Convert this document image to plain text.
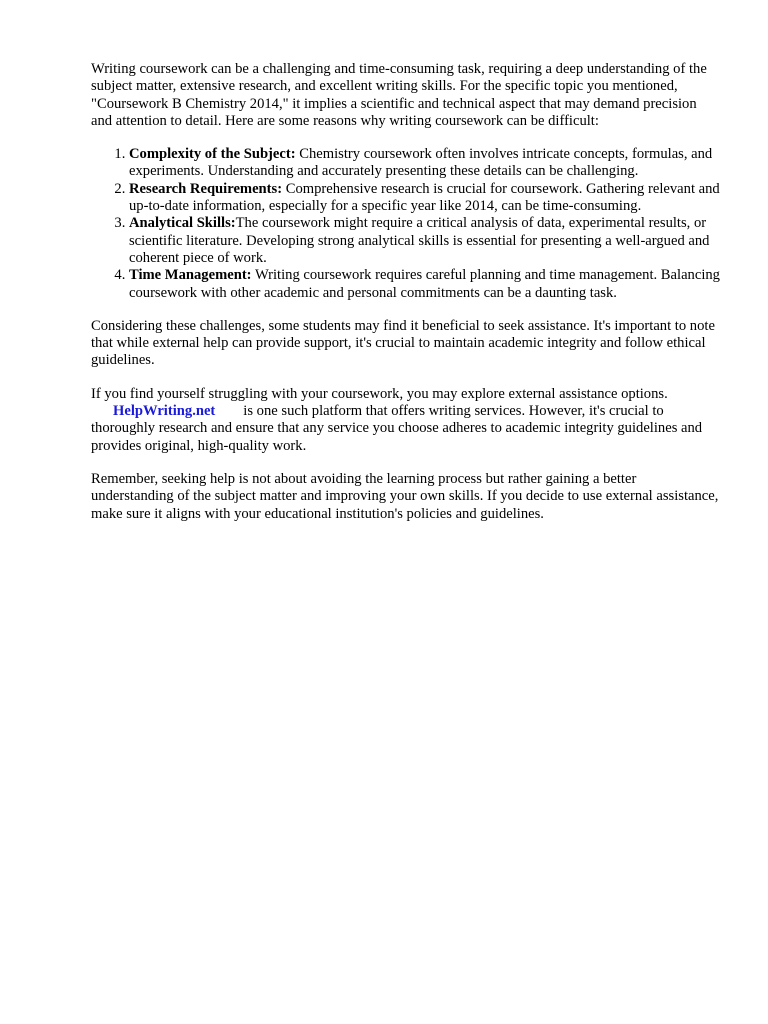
Writing coursework can be a challenging and time-consuming task, requiring a deep understanding of the subject matter, extensive research, and excellent writing skills. For the specific topic you mentioned, "Coursework B Chemistry 2014," it implies a scientific and technical aspect that may demand precision and attention to detail. Here are some reasons why writing coursework can be difficult:

1. Complexity of the Subject: Chemistry coursework often involves intricate concepts, formulas, and experiments. Understanding and accurately presenting these details can be challenging.
2. Research Requirements: Comprehensive research is crucial for coursework. Gathering relevant and up-to-date information, especially for a specific year like 2014, can be time-consuming.
3. Analytical Skills:The coursework might require a critical analysis of data, experimental results, or scientific literature. Developing strong analytical skills is essential for presenting a well-argued and coherent piece of work.
4. Time Management: Writing coursework requires careful planning and time management. Balancing coursework with other academic and personal commitments can be a daunting task.

Considering these challenges, some students may find it beneficial to seek assistance. It's important to note that while external help can provide support, it's crucial to maintain academic integrity and follow ethical guidelines.

If you find yourself struggling with your coursework, you may explore external assistance options.
HelpWriting.net is one such platform that offers writing services. However, it's crucial to thoroughly research and ensure that any service you choose adheres to academic integrity guidelines and provides original, high-quality work.

Remember, seeking help is not about avoiding the learning process but rather gaining a better understanding of the subject matter and improving your own skills. If you decide to use external assistance, make sure it aligns with your educational institution's policies and guidelines.
